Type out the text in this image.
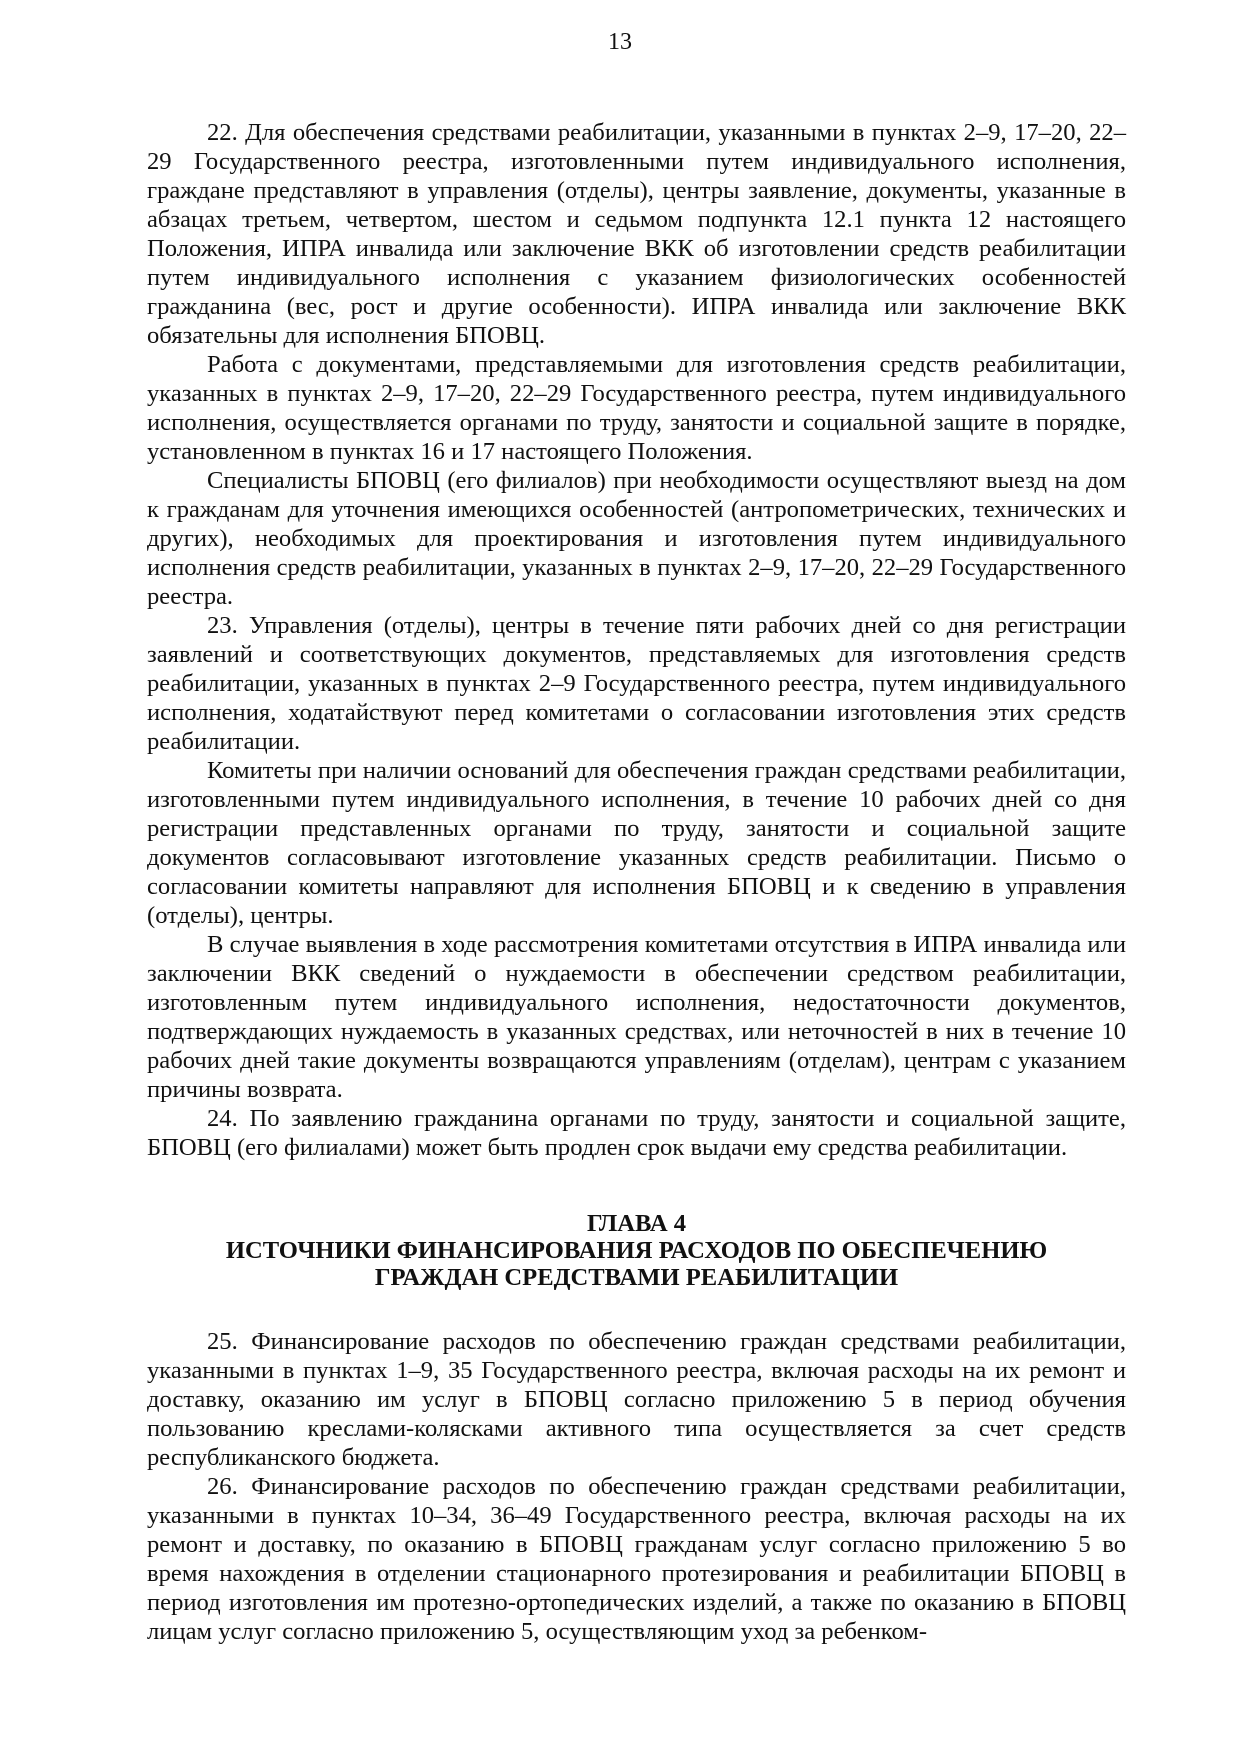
13

22. Для обеспечения средствами реабилитации, указанными в пунктах 2–9, 17–20, 22–29 Государственного реестра, изготовленными путем индивидуального исполнения, граждане представляют в управления (отделы), центры заявление, документы, указанные в абзацах третьем, четвертом, шестом и седьмом подпункта 12.1 пункта 12 настоящего Положения, ИПРА инвалида или заключение ВКК об изготовлении средств реабилитации путем индивидуального исполнения с указанием физиологических особенностей гражданина (вес, рост и другие особенности). ИПРА инвалида или заключение ВКК обязательны для исполнения БПОВЦ.

Работа с документами, представляемыми для изготовления средств реабилитации, указанных в пунктах 2–9, 17–20, 22–29 Государственного реестра, путем индивидуального исполнения, осуществляется органами по труду, занятости и социальной защите в порядке, установленном в пунктах 16 и 17 настоящего Положения.

Специалисты БПОВЦ (его филиалов) при необходимости осуществляют выезд на дом к гражданам для уточнения имеющихся особенностей (антропометрических, технических и других), необходимых для проектирования и изготовления путем индивидуального исполнения средств реабилитации, указанных в пунктах 2–9, 17–20, 22–29 Государственного реестра.

23. Управления (отделы), центры в течение пяти рабочих дней со дня регистрации заявлений и соответствующих документов, представляемых для изготовления средств реабилитации, указанных в пунктах 2–9 Государственного реестра, путем индивидуального исполнения, ходатайствуют перед комитетами о согласовании изготовления этих средств реабилитации.

Комитеты при наличии оснований для обеспечения граждан средствами реабилитации, изготовленными путем индивидуального исполнения, в течение 10 рабочих дней со дня регистрации представленных органами по труду, занятости и социальной защите документов согласовывают изготовление указанных средств реабилитации. Письмо о согласовании комитеты направляют для исполнения БПОВЦ и к сведению в управления (отделы), центры.

В случае выявления в ходе рассмотрения комитетами отсутствия в ИПРА инвалида или заключении ВКК сведений о нуждаемости в обеспечении средством реабилитации, изготовленным путем индивидуального исполнения, недостаточности документов, подтверждающих нуждаемость в указанных средствах, или неточностей в них в течение 10 рабочих дней такие документы возвращаются управлениям (отделам), центрам с указанием причины возврата.

24. По заявлению гражданина органами по труду, занятости и социальной защите, БПОВЦ (его филиалами) может быть продлен срок выдачи ему средства реабилитации.

ГЛАВА 4
ИСТОЧНИКИ ФИНАНСИРОВАНИЯ РАСХОДОВ ПО ОБЕСПЕЧЕНИЮ
ГРАЖДАН СРЕДСТВАМИ РЕАБИЛИТАЦИИ

25. Финансирование расходов по обеспечению граждан средствами реабилитации, указанными в пунктах 1–9, 35 Государственного реестра, включая расходы на их ремонт и доставку, оказанию им услуг в БПОВЦ согласно приложению 5 в период обучения пользованию креслами-колясками активного типа осуществляется за счет средств республиканского бюджета.

26. Финансирование расходов по обеспечению граждан средствами реабилитации, указанными в пунктах 10–34, 36–49 Государственного реестра, включая расходы на их ремонт и доставку, по оказанию в БПОВЦ гражданам услуг согласно приложению 5 во время нахождения в отделении стационарного протезирования и реабилитации БПОВЦ в период изготовления им протезно-ортопедических изделий, а также по оказанию в БПОВЦ лицам услуг согласно приложению 5, осуществляющим уход за ребенком-
